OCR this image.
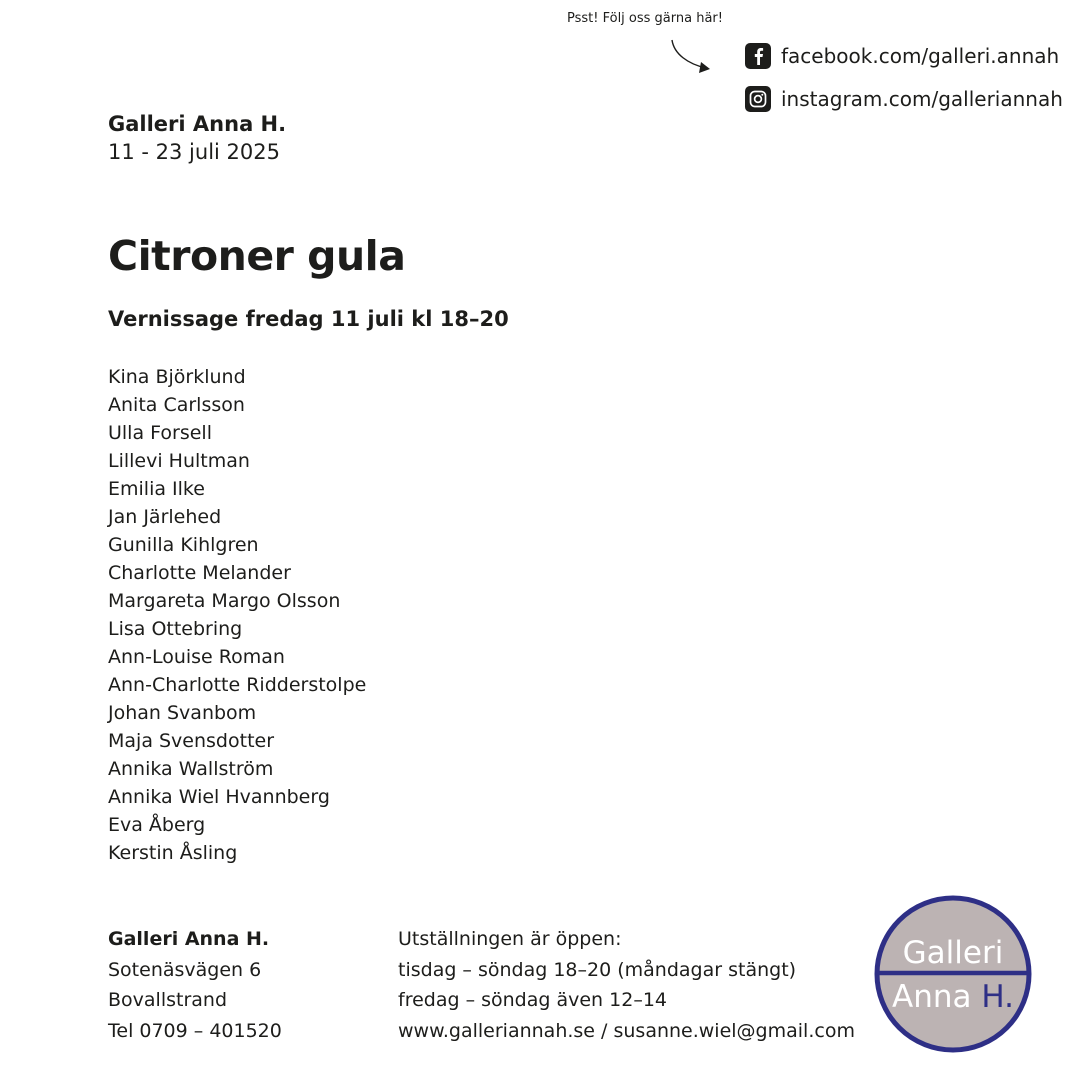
Psst! Följ oss gärna här!
facebook.com/galleri.annah
instagram.com/galleriannah
Galleri Anna H.
11 - 23 juli 2025
Citroner gula
Vernissage fredag 11 juli kl 18–20
Kina Björklund
Anita Carlsson
Ulla Forsell
Lillevi Hultman
Emilia Ilke
Jan Järlehed
Gunilla Kihlgren
Charlotte Melander
Margareta Margo Olsson
Lisa Ottebring
Ann-Louise Roman
Ann-Charlotte Ridderstolpe
Johan Svanbom
Maja Svensdotter
Annika Wallström
Annika Wiel Hvannberg
Eva Åberg
Kerstin Åsling
Galleri Anna H.
Sotenäsvägen 6
Bovallstrand
Tel 0709 – 401520
Utställningen är öppen:
tisdag – söndag 18–20 (måndagar stängt)
fredag – söndag även 12–14
www.galleriannah.se / susanne.wiel@gmail.com
Galleri
Anna H.
